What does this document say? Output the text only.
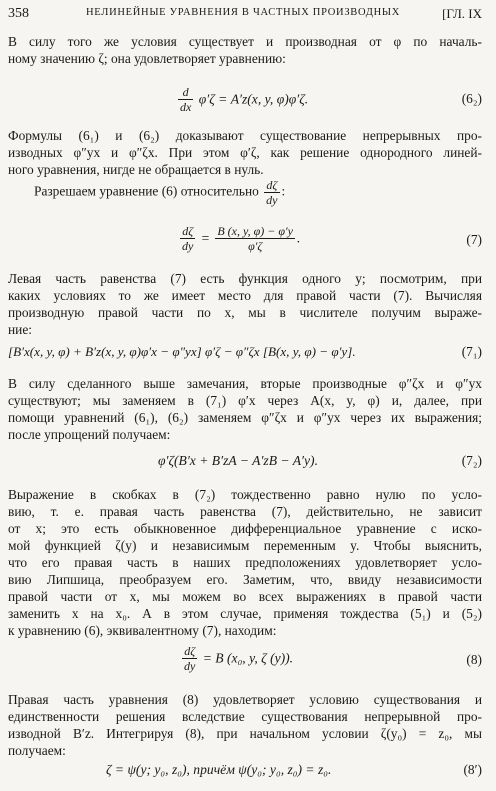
358	НЕЛИНЕЙНЫЕ УРАВНЕНИЯ В ЧАСТНЫХ ПРОИЗВОДНЫХ	[ГЛ. IX
В силу того же условия существует и производная от φ по началь-
ному значению ζ; она удовлетворяет уравнению:
$\frac{d}{dx} \varphi'\zeta = A'z(x$, y, φ)φ′ζ.	(6₂)
Формулы (6₁) и (6₂) доказывают существование непрерывных про-
изводных φ″yx и φ″ζx. При этом φ′ζ, как решение однородного линей-
ного уравнения, нигде не обращается в нуль.
Разрешаем уравнение (6) относительно $\frac{d\zeta}{dy}$ :
$\frac{d\zeta}{dy} = \frac{B (x, y, \varphi) - \varphi'y}{\varphi'\zeta}$ .	(7)
Левая часть равенства (7) есть функция одного y; посмотрим, при
каких условиях то же имеет место для правой части (7). Вычисляя
производную правой части по x, мы в числителе получим выраже-
ние:
[B′x(x, y, φ) + B′z(x, y, φ)φ′x − φ″yx] φ′ζ − φ″ζx [B(x, y, φ) − φ′y].	(7₁)
В силу сделанного выше замечания, вторые производные φ″ζx и φ″yx
существуют; мы заменяем в (7₁) φ′x через A(x, y, φ) и, далее, при
помощи уравнений (6₁), (6₂) заменяем φ″ζx и φ″yx через их выражения;
после упрощений получаем:
φ′ζ(B′x + B′zA − A′zB − A′y).	(7₂)
Выражение в скобках в (7₂) тождественно равно нулю по усло-
вию, т. е. правая часть равенства (7), действительно, не зависит
от x; это есть обыкновенное дифференциальное уравнение с иско-
мой функцией ζ(y) и независимым переменным y. Чтобы выяснить,
что его правая часть в наших предположениях удовлетворяет усло-
вию Липшица, преобразуем его. Заметим, что, ввиду независимости
правой части от x, мы можем во всех выражениях в правой части
заменить x на x₀. А в этом случае, применяя тождества (5₁) и (5₂)
к уравнению (6), эквивалентному (7), находим:
$\frac{d\zeta}{dy} = B$ (x₀, y, ζ (y)).	(8)
Правая часть уравнения (8) удовлетворяет условию существования и
единственности решения вследствие существования непрерывной про-
изводной B′z. Интегрируя (8), при начальном условии ζ(y₀) = z₀, мы
получаем:
ζ = ψ(y; y₀, z₀), причём ψ(y₀; y₀, z₀) = z₀.	(8′)
